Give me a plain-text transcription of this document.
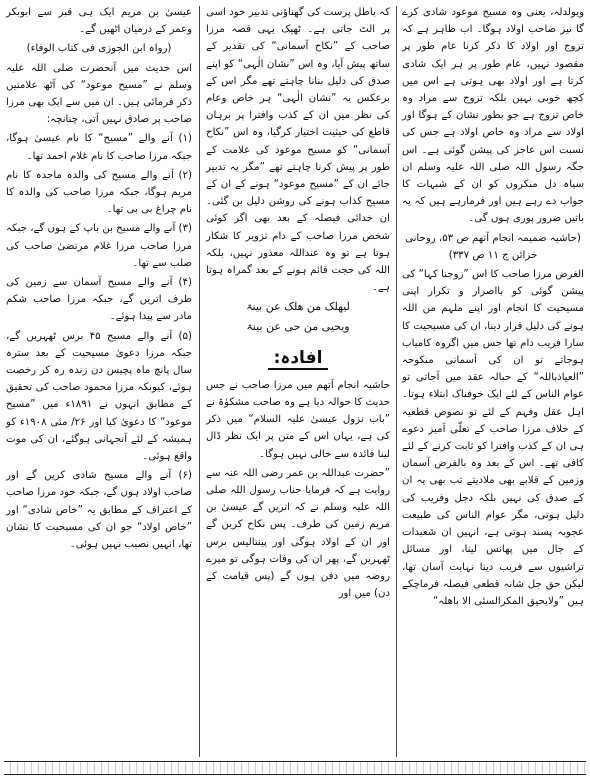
ویولدلہ، یعنی وہ مسیح موعود شادی کرے گا نیز صاحب اولاد ہوگا۔ اب ظاہر ہے کہ تزوج اور اولاد کا ذکر کرنا عام طور پر مقصود نہیں، عام طور پر ہر ایک شادی کرتا ہے اور اولاد بھی ہوتی ہے اس میں کچھ خوبی نہیں بلکہ تزوج سے مراد وہ خاص تزوج ہے جو بطور نشان کے ہوگا اور اولاد سے مراد وہ خاص اولاد ہے جس کی نسبت اس عاجز کی پیشن گوئی ہے۔ اس جگہ رسول اللہ صلی اللہ علیہ وسلم ان سیاہ دل منکروں کو ان کے شبہات کا جواب دے رہے ہیں اور فرمارہے ہیں کہ یہ باتیں ضرور پوری ہوں گی۔

(حاشیہ ضمیمہ انجام آتھم ص ۵۳، روحانی خزائن ج ۱۱ ص ۳۳۷)

الغرض مرزا صاحب کا اس ”زوجنا کہا“ کی پیشن گوئی کو بااصرار و تکرار اپنی مسیحیت کا انجام اور اپنے ملہم من اللہ ہونے کی دلیل قرار دینا، ان کی مسیحیت کا سارا فریب دام تھا جس میں اگروہ کامیاب ہوجاتے تو ان کی آسمانی منکوحہ ”العیاذباللہ“ کے حبالہ عقد میں آجاتی تو عوام الناس کے لئے ایک خوفناک ابتلاء ہوتا۔ اہل عقل وفہم کے لئے تو نصوص قطعیہ کے خلاف مرزا صاحب کے تعلّی آمیز دعوے ہی ان کے کذب وافترا کو ثابت کرنے کے لئے کافی تھے۔ اس کے بعد وہ بالفرض آسمان وزمین کے قلابے بھی ملادیتے تب بھی یہ ان کے صدق کی نہیں بلکہ دجل وفریب کی دلیل ہوتی، مگر عوام الناس کی طبیعت عجوبہ پسند ہوتی ہے، انہیں ان شعبدات کے جال میں پھانس لینا، اور مسائل تراشیوں سے فریب دینا نہایت آسان تھا، لیکن حق جل شانہ قطعی فیصلہ فرماچکے ہیں ”ولایحیق المکرالسئی الا باھلہ“

کہ باطل پرست کی گھناؤنی تدبیر خود اسی پر الٹ جاتی ہے۔ ٹھیک یہی قصہ مرزا صاحب کے ”نکاح آسمانی“ کی تقدیر کے ساتھ پیش آیا، وہ اس ”نشان الٰہی“ کو اپنے صدق کی دلیل بنانا چاہتے تھے مگر اس کے برعکس یہ ”نشان الٰہی“ ہر خاص وعام کی نظر میں ان کے کذب وافترا پر برہان قاطع کی حیثیت اختیار کرگیا، وہ اس ”نکاح آسمانی“ کو مسیح موعود کی علامت کے طور پر پیش کرنا چاہتے تھے ”مگر یہ تدبیر جائے ان کے ”مسیح موعود“ ہونے کے ان کے مسیح کذاب ہونے کی روشن دلیل بن گئی۔ ان خدائی فیصلہ کے بعد بھی اگر کوئی شخص مرزا صاحب کے دام تزویر کا شکار ہوتا ہے تو وہ عنداللہ معذور نہیں، بلکہ اللہ کی حجت قائم ہونے کے بعد گمراہ ہوتا ہے۔

لیھلک من ھلک عن بینۃ

ویحیی من حی عن بینۃ

افادہ:

حاشیہ انجام آتھم میں مرزا صاحب نے جس حدیث کا حوالہ دیا ہے وہ صاحب مشکوٰۃ نے ”باب نزول عیسیٰ علیہ السلام“ میں ذکر کی ہے، یہاں اس کے متن پر ایک نظر ڈال لینا فائدہ سے خالی نہیں ہوگا۔

”حضرت عبداللہ بن عمر رضی اللہ عنہ سے روایت ہے کہ فرمایا جناب رسول اللہ صلی اللہ علیہ وسلم نے کہ اتریں گے عیسیٰ بن مریم زمین کی طرف۔ پس نکاح کریں گے اور ان کے اولاد ہوگی اور پینتالیس برس ٹھہریں گے، پھر ان کی وفات ہوگی تو میرے روضہ میں دفن ہوں گے (پس قیامت کے دن) میں اور

عیسیٰ بن مریم ایک ہی قبر سے ابوبکر وعمر کے درمیان اٹھیں گے۔

(رواہ ابن الجوزی فی کتاب الوفاء)

اس حدیث میں آنحضرت صلی اللہ علیہ وسلم نے ”مسیح موعود“ کی آٹھ علامتیں ذکر فرمائی ہیں۔ ان میں سے ایک بھی مرزا صاحب پر صادق نہیں آتی، چنانچہ:

(۱) آنے والے ”مسیح“ کا نام عیسیٰ ہوگا، جبکہ مرزا صاحب کا نام غلام احمد تھا۔

(۲) آنے والے مسیح کی والدہ ماجدہ کا نام مریم ہوگا، جبکہ مرزا صاحب کی والدہ کا نام چراغ بی بی تھا۔

(۳) آنے والے مسیح بن باپ کے ہوں گے، جبکہ مرزا صاحب مرزا غلام مرتضیٰ صاحب کی صلب سے تھا۔

(۴) آنے والے مسیح آسمان سے زمین کی طرف اتریں گے، جبکہ مرزا صاحب شکم مادر سے پیدا ہوئے۔

(۵) آنے والے مسیح ۴۵ برس ٹھہریں گے، جبکہ مرزا دعویٰ مسیحیت کے بعد سترہ سال پانچ ماہ پچیس دن زندہ رہ کر رخصت ہوئے، کیونکہ مرزا محمود صاحب کی تحقیق کے مطابق انہوں نے ۱۸۹۱ء میں ”مسیح موعود“ کا دعویٰ کیا اور ۲۶/ مئی ۱۹۰۸ء کو ہمیشہ کے لئے آنجہانی ہوگئے، ان کی موت واقع ہوئی۔

(۶) آنے والے مسیح شادی کریں گے اور صاحب اولاد ہوں گے، جبکہ خود مرزا صاحب کے اعتراف کے مطابق یہ ”خاص شادی“ اور ”خاص اولاد“ جو ان کی مسیحیت کا نشان تھا، انہیں نصیب نہیں ہوئی۔
